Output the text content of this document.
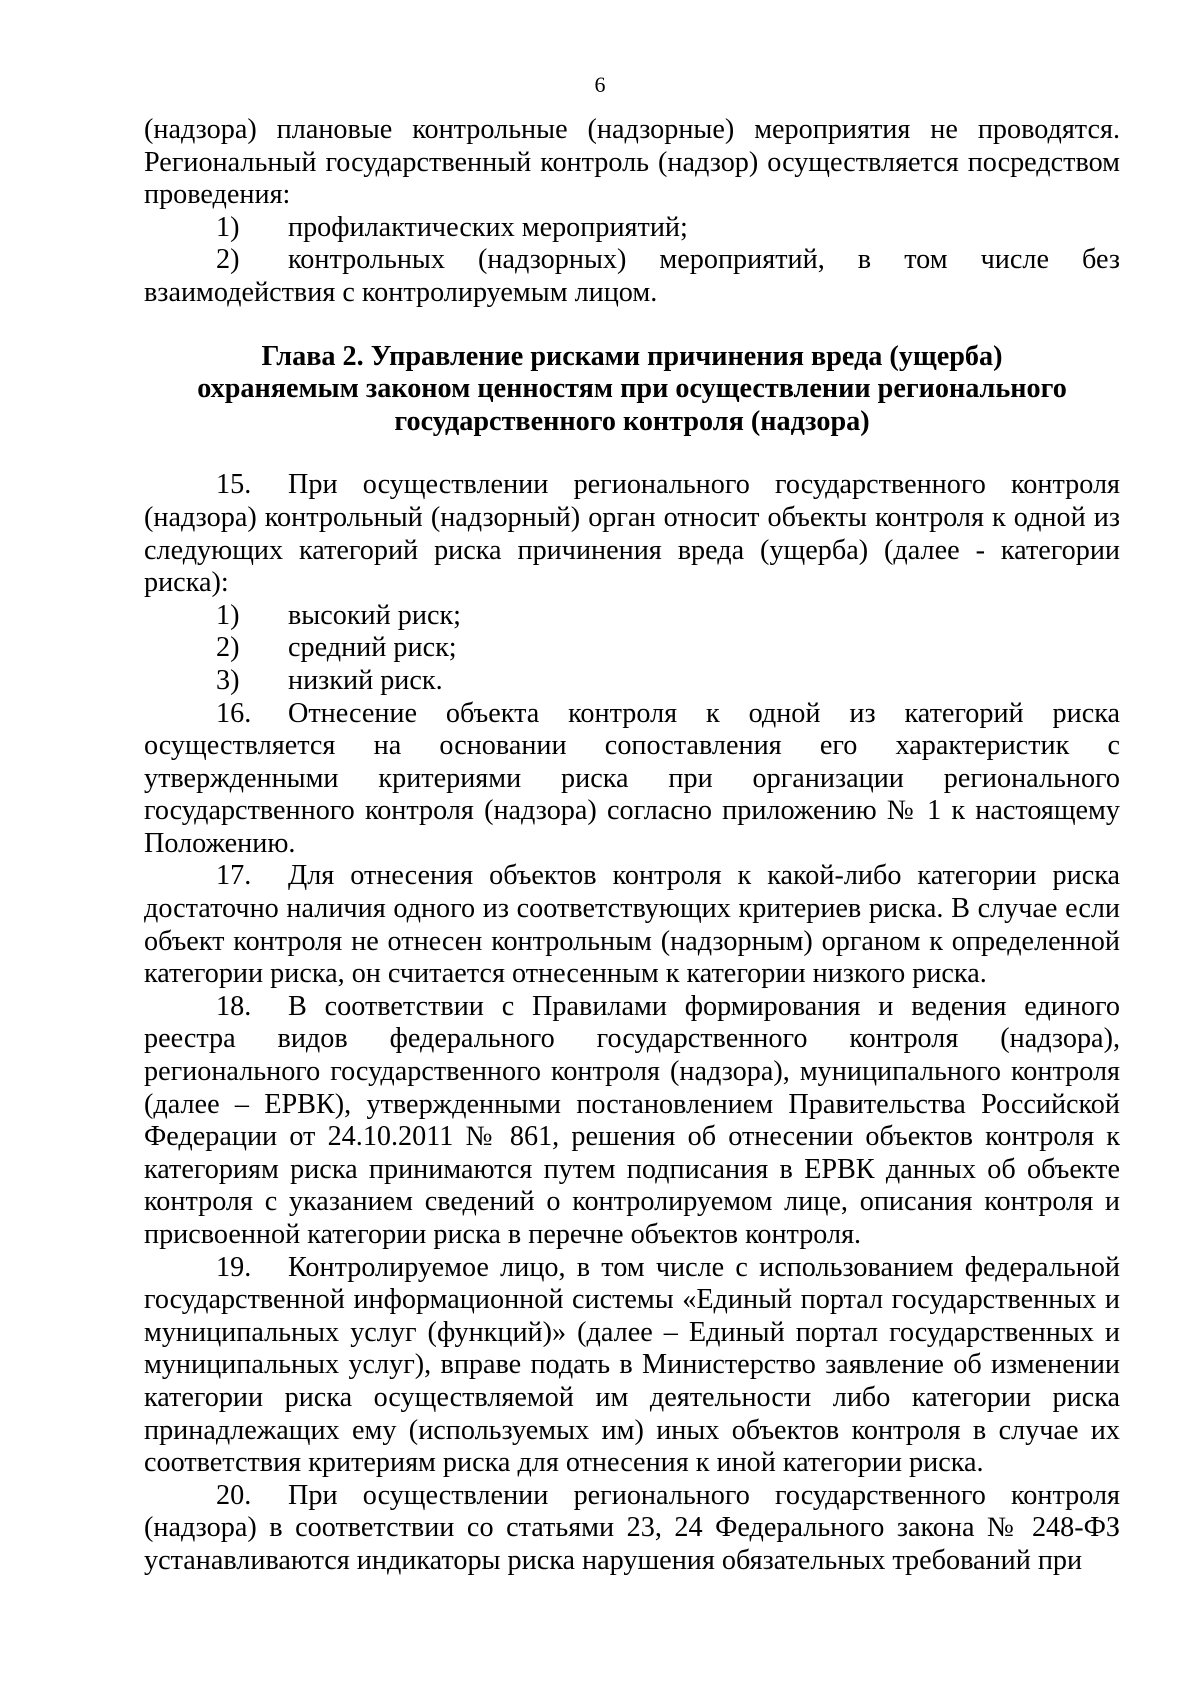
6

(надзора) плановые контрольные (надзорные) мероприятия не проводятся. Региональный государственный контроль (надзор) осуществляется посредством проведения:

1)	профилактических мероприятий;

2) контрольных (надзорных) мероприятий, в том числе без взаимодействия с контролируемым лицом.

Глава 2. Управление рисками причинения вреда (ущерба)
охраняемым законом ценностям при осуществлении регионального
государственного контроля (надзора)

15. При осуществлении регионального государственного контроля (надзора) контрольный (надзорный) орган относит объекты контроля к одной из следующих категорий риска причинения вреда (ущерба) (далее - категории риска):

1)	высокий риск;
2)	средний риск;
3)	низкий риск.

16. Отнесение объекта контроля к одной из категорий риска осуществляется на основании сопоставления его характеристик с утвержденными критериями риска при организации регионального государственного контроля (надзора) согласно приложению № 1 к настоящему Положению.

17. Для отнесения объектов контроля к какой-либо категории риска достаточно наличия одного из соответствующих критериев риска. В случае если объект контроля не отнесен контрольным (надзорным) органом к определенной категории риска, он считается отнесенным к категории низкого риска.

18. В соответствии с Правилами формирования и ведения единого реестра видов федерального государственного контроля (надзора), регионального государственного контроля (надзора), муниципального контроля (далее – ЕРВК), утвержденными постановлением Правительства Российской Федерации от 24.10.2011 № 861, решения об отнесении объектов контроля к категориям риска принимаются путем подписания в ЕРВК данных об объекте контроля с указанием сведений о контролируемом лице, описания контроля и присвоенной категории риска в перечне объектов контроля.

19. Контролируемое лицо, в том числе с использованием федеральной государственной информационной системы «Единый портал государственных и муниципальных услуг (функций)» (далее – Единый портал государственных и муниципальных услуг), вправе подать в Министерство заявление об изменении категории риска осуществляемой им деятельности либо категории риска принадлежащих ему (используемых им) иных объектов контроля в случае их соответствия критериям риска для отнесения к иной категории риска.

20. При осуществлении регионального государственного контроля (надзора) в соответствии со статьями 23, 24 Федерального закона № 248-ФЗ устанавливаются индикаторы риска нарушения обязательных требований при
